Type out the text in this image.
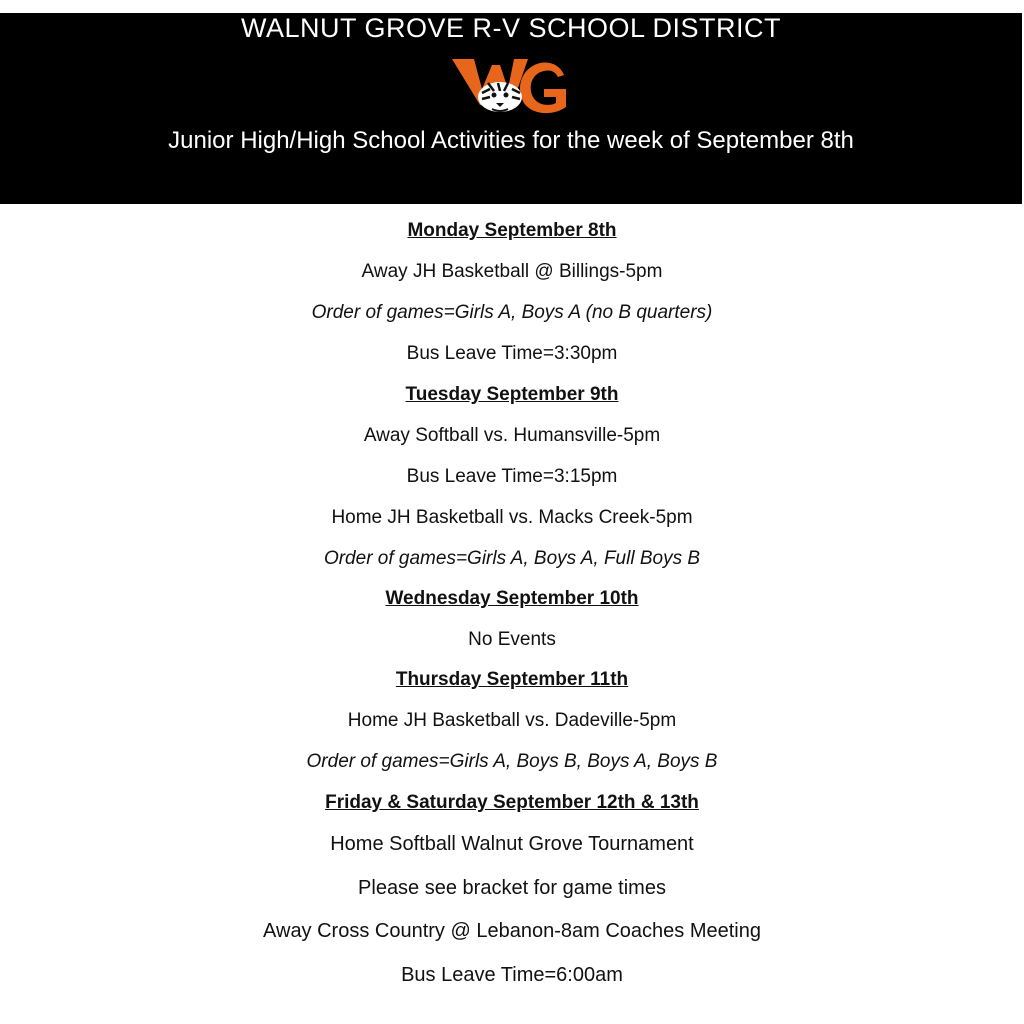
WALNUT GROVE R-V SCHOOL DISTRICT
Junior High/High School Activities for the week of September 8th
Monday September 8th
Away JH Basketball @ Billings-5pm
Order of games=Girls A, Boys A (no B quarters)
Bus Leave Time=3:30pm
Tuesday September 9th
Away Softball vs. Humansville-5pm
Bus Leave Time=3:15pm
Home JH Basketball vs. Macks Creek-5pm
Order of games=Girls A, Boys A, Full Boys B
Wednesday September 10th
No Events
Thursday September 11th
Home JH Basketball vs. Dadeville-5pm
Order of games=Girls A, Boys B, Boys A, Boys B
Friday & Saturday September 12th & 13th
Home Softball Walnut Grove Tournament
Please see bracket for game times
Away Cross Country @ Lebanon-8am Coaches Meeting
Bus Leave Time=6:00am
